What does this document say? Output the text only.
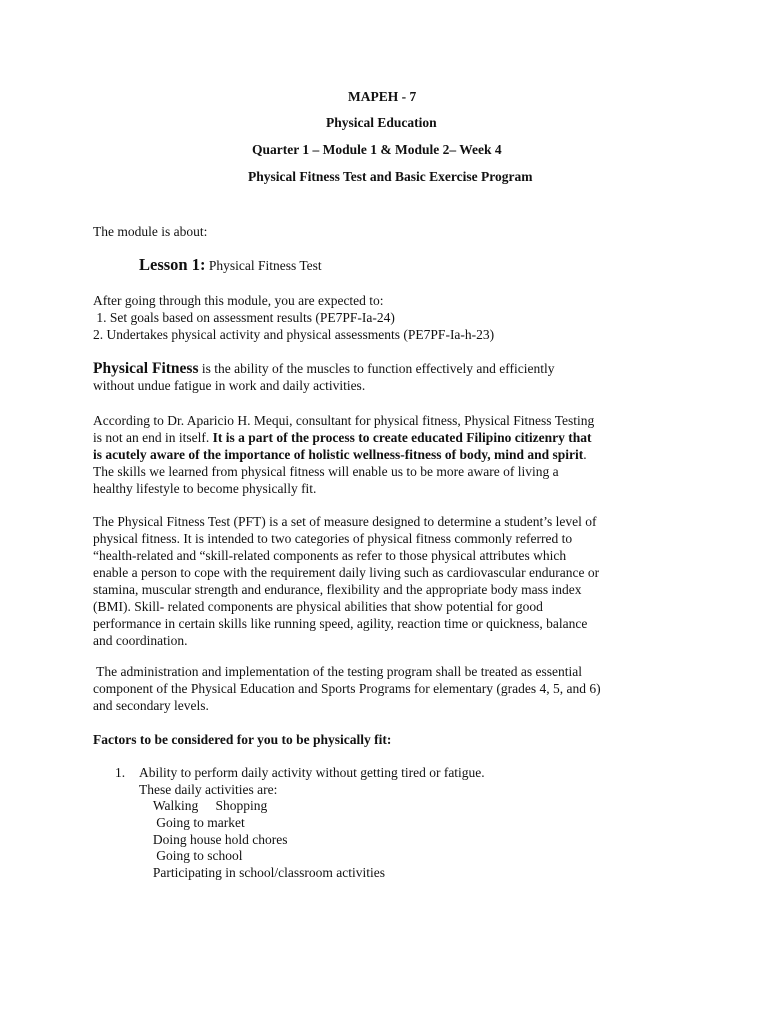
MAPEH - 7
Physical Education
Quarter 1 – Module 1 & Module 2– Week 4
Physical Fitness Test and Basic Exercise Program
The module is about:
Lesson 1: Physical Fitness Test
After going through this module, you are expected to:
1. Set goals based on assessment results (PE7PF-Ia-24)
2. Undertakes physical activity and physical assessments (PE7PF-Ia-h-23)
Physical Fitness is the ability of the muscles to function effectively and efficiently
without undue fatigue in work and daily activities.
According to Dr. Aparicio H. Mequi, consultant for physical fitness, Physical Fitness Testing
is not an end in itself. It is a part of the process to create educated Filipino citizenry that
is acutely aware of the importance of holistic wellness-fitness of body, mind and spirit.
The skills we learned from physical fitness will enable us to be more aware of living a
healthy lifestyle to become physically fit.
The Physical Fitness Test (PFT) is a set of measure designed to determine a student’s level of
physical fitness. It is intended to two categories of physical fitness commonly referred to
“health-related and “skill-related components as refer to those physical attributes which
enable a person to cope with the requirement daily living such as cardiovascular endurance or
stamina, muscular strength and endurance, flexibility and the appropriate body mass index
(BMI). Skill- related components are physical abilities that show potential for good
performance in certain skills like running speed, agility, reaction time or quickness, balance
and coordination.
The administration and implementation of the testing program shall be treated as essential
component of the Physical Education and Sports Programs for elementary (grades 4, 5, and 6)
and secondary levels.
Factors to be considered for you to be physically fit:
1. Ability to perform daily activity without getting tired or fatigue.
These daily activities are:
Walking   Shopping
Going to market
Doing house hold chores
Going to school
Participating in school/classroom activities
